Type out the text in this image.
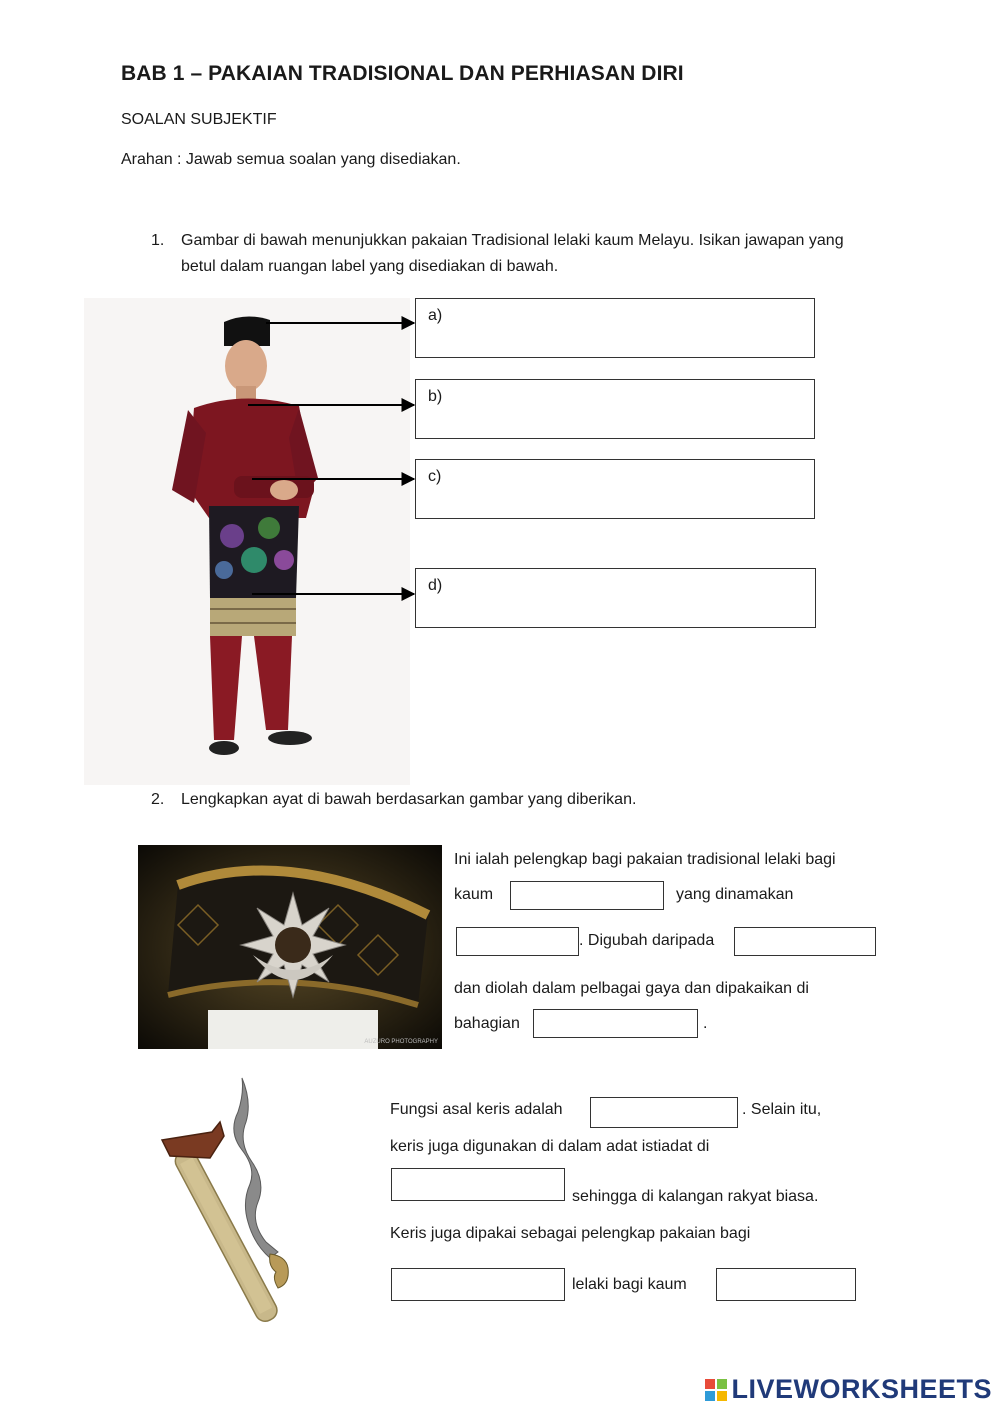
BAB 1 – PAKAIAN TRADISIONAL DAN PERHIASAN DIRI
SOALAN SUBJEKTIF
Arahan : Jawab semua soalan yang disediakan.
1. Gambar di bawah menunjukkan pakaian Tradisional lelaki kaum Melayu. Isikan jawapan yang betul dalam ruangan label yang disediakan di bawah.
a)
b)
c)
d)
2. Lengkapkan ayat di bawah berdasarkan gambar yang diberikan.
AUZURO PHOTOGRAPHY
Ini ialah pelengkap bagi pakaian tradisional lelaki bagi
kaum	yang dinamakan
. Digubah daripada
dan diolah dalam pelbagai gaya dan dipakaikan di
bahagian	.
Fungsi asal keris adalah	. Selain itu,
keris juga digunakan di dalam adat istiadat di
sehingga di kalangan rakyat biasa.
Keris juga dipakai sebagai pelengkap pakaian bagi
lelaki bagi kaum
LIVEWORKSHEETS
